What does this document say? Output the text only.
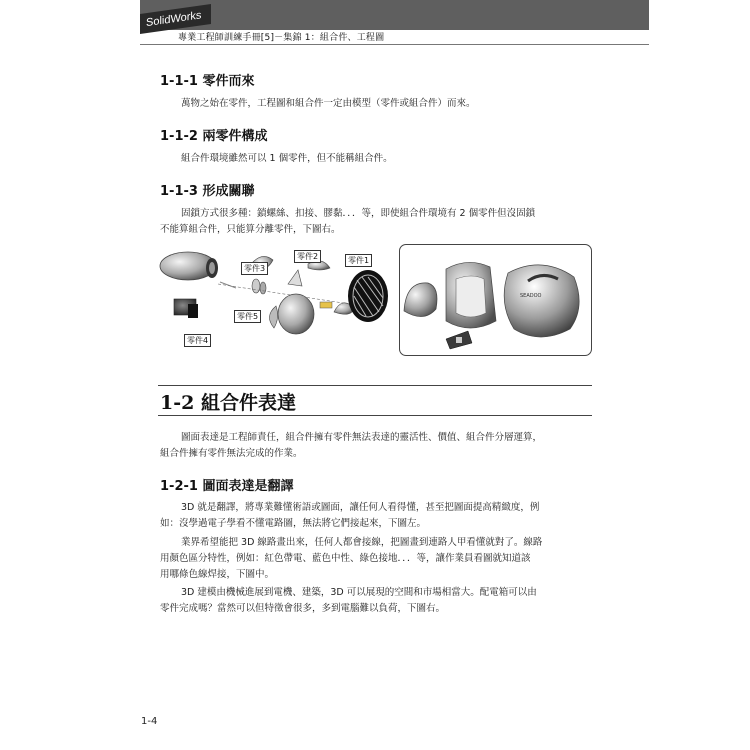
SolidWorks
專業工程師訓練手冊[5]－集錦 1：組合件、工程圖
1-1-1 零件而來
萬物之始在零件，工程圖和組合件一定由模型（零件或組合件）而來。
1-1-2 兩零件構成
組合件環境雖然可以 1 個零件，但不能稱組合件。
1-1-3 形成關聯
固鎖方式很多種：鎖螺絲、扣接、膠黏．．．等，即使組合件環境有 2 個零件但沒固鎖
不能算組合件，只能算分離零件，下圖右。
零件3
零件2	零件1
零件5
零件4
SEADOO
1-2 組合件表達
圖面表達是工程師責任，組合件擁有零件無法表達的靈活性、價值、組合件分層運算，
組合件擁有零件無法完成的作業。
1-2-1 圖面表達是翻譯
3D 就是翻譯，將專業難懂術語或圖面，讓任何人看得懂，甚至把圖面提高精緻度，例
如：沒學過電子學看不懂電路圖，無法將它們接起來，下圖左。
業界希望能把 3D 線路畫出來，任何人都會接線，把圖畫到連路人甲看懂就對了。線路
用顏色區分特性，例如：紅色帶電、藍色中性、綠色接地．．．等，讓作業員看圖就知道該
用哪條色線焊接，下圖中。
3D 建模由機械進展到電機、建築，3D 可以展現的空間和市場相當大。配電箱可以由
零件完成嗎？當然可以但特徵會很多，多到電腦難以負荷，下圖右。
1-4
